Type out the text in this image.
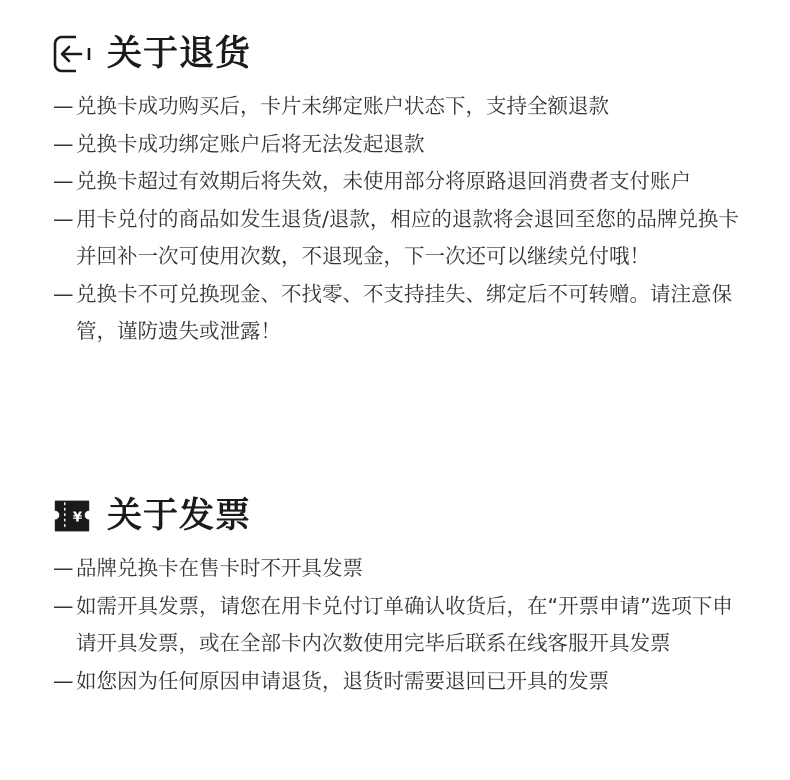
关于退货
— 兑换卡成功购买后，卡片未绑定账户状态下，支持全额退款
— 兑换卡成功绑定账户后将无法发起退款
— 兑换卡超过有效期后将失效，未使用部分将原路退回消费者支付账户
— 用卡兑付的商品如发生退货/退款，相应的退款将会退回至您的品牌兑换卡并回补一次可使用次数，不退现金，下一次还可以继续兑付哦！
— 兑换卡不可兑换现金、不找零、不支持挂失、绑定后不可转赠。请注意保管，谨防遗失或泄露！
¥ 关于发票
— 品牌兑换卡在售卡时不开具发票
— 如需开具发票，请您在用卡兑付订单确认收货后，在“开票申请”选项下申请开具发票，或在全部卡内次数使用完毕后联系在线客服开具发票
— 如您因为任何原因申请退货，退货时需要退回已开具的发票
